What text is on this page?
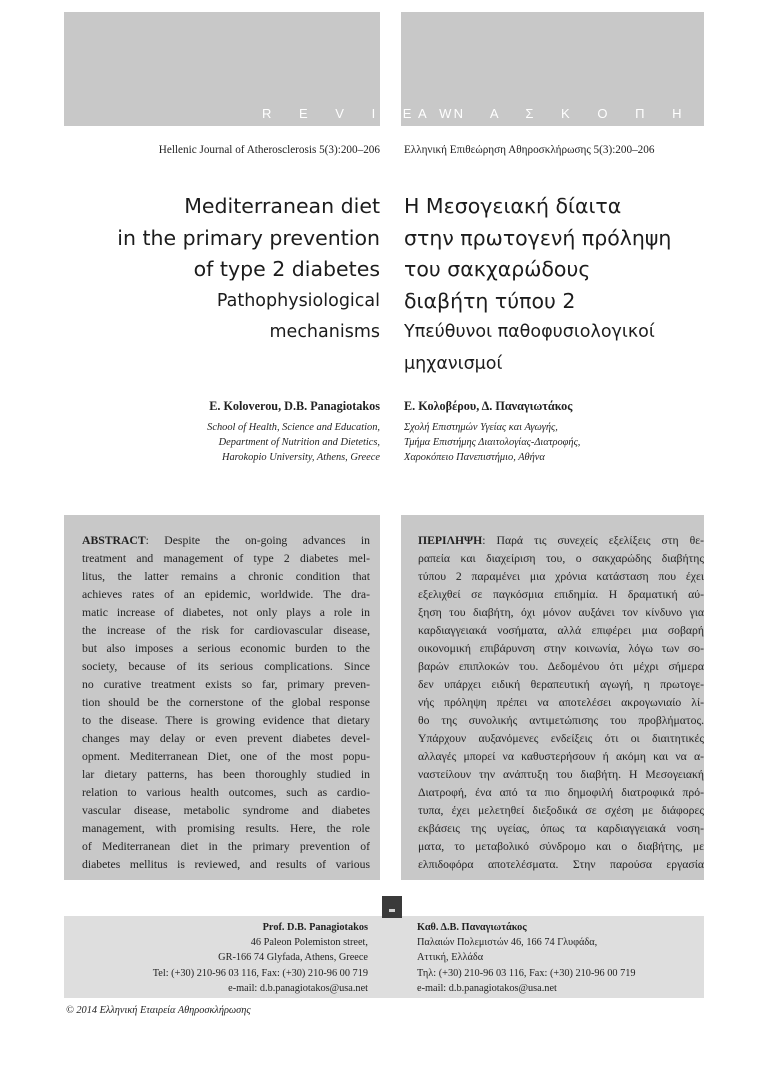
R E V I E W
Α Ν Α Σ Κ Ο Π Η Σ Η
Hellenic Journal of Atherosclerosis 5(3):200–206 Ελληνική Επιθεώρηση Αθηροσκλήρωσης 5(3):200–206
Mediterranean diet
in the primary prevention
of type 2 diabetes
Pathophysiological
mechanisms
Η Μεσογειακή δίαιτα
στην πρωτογενή πρόληψη
του σακχαρώδους
διαβήτη τύπου 2
Υπεύθυνοι παθοφυσιολογικοί
μηχανισμοί
E. Koloverou, D.B. Panagiotakos Ε. Κολοβέρου, Δ. Παναγιωτάκος
School of Health, Science and Education,
Department of Nutrition and Dietetics,
Harokopio University, Athens, Greece
Σχολή Επιστημών Υγείας και Αγωγής,
Τμήμα Επιστήμης Διαιτολογίας-Διατροφής,
Χαροκόπειο Πανεπιστήμιο, Αθήνα
ABSTRACT: Despite the on-going advances in
treatment and management of type 2 diabetes mel-
litus, the latter remains a chronic condition that
achieves rates of an epidemic, worldwide. The dra-
matic increase of diabetes, not only plays a role in
the increase of the risk for cardiovascular disease,
but also imposes a serious economic burden to the
society, because of its serious complications. Since
no curative treatment exists so far, primary preven-
tion should be the cornerstone of the global response
to the disease. There is growing evidence that dietary
changes may delay or even prevent diabetes devel-
opment. Mediterranean Diet, one of the most popu-
lar dietary patterns, has been thoroughly studied in
relation to various health outcomes, such as cardio-
vascular disease, metabolic syndrome and diabetes
management, with promising results. Here, the role
of Mediterranean diet in the primary prevention of
diabetes mellitus is reviewed, and results of various
ΠΕΡΙΛΗΨΗ: Παρά τις συνεχείς εξελίξεις στη θε-
ραπεία και διαχείριση του, ο σακχαρώδης διαβήτης
τύπου 2 παραμένει μια χρόνια κατάσταση που έχει
εξελιχθεί σε παγκόσμια επιδημία. Η δραματική αύ-
ξηση του διαβήτη, όχι μόνον αυξάνει τον κίνδυνο για
καρδιαγγειακά νοσήματα, αλλά επιφέρει μια σοβαρή
οικονομική επιβάρυνση στην κοινωνία, λόγω των σο-
βαρών επιπλοκών του. Δεδομένου ότι μέχρι σήμερα
δεν υπάρχει ειδική θεραπευτική αγωγή, η πρωτογε-
νής πρόληψη πρέπει να αποτελέσει ακρογωνιαίο λί-
θο της συνολικής αντιμετώπισης του προβλήματος.
Υπάρχουν αυξανόμενες ενδείξεις ότι οι διαιτητικές
αλλαγές μπορεί να καθυστερήσουν ή ακόμη και να α-
ναστείλουν την ανάπτυξη του διαβήτη. Η Μεσογειακή
Διατροφή, ένα από τα πιο δημοφιλή διατροφικά πρό-
τυπα, έχει μελετηθεί διεξοδικά σε σχέση με διάφορες
εκβάσεις της υγείας, όπως τα καρδιαγγειακά νοση-
ματα, το μεταβολικό σύνδρομο και ο διαβήτης, με
ελπιδοφόρα αποτελέσματα. Στην παρούσα εργασία
Prof. D.B. Panagiotakos
46 Paleon Polemiston street,
GR-166 74 Glyfada, Athens, Greece
Tel: (+30) 210-96 03 116, Fax: (+30) 210-96 00 719
e-mail: d.b.panagiotakos@usa.net
Καθ. Δ.Β. Παναγιωτάκος
Παλαιών Πολεμιστών 46, 166 74 Γλυφάδα,
Αττική, Ελλάδα
Τηλ: (+30) 210-96 03 116, Fax: (+30) 210-96 00 719
e-mail: d.b.panagiotakos@usa.net
© 2014 Ελληνική Εταιρεία Αθηροσκλήρωσης
